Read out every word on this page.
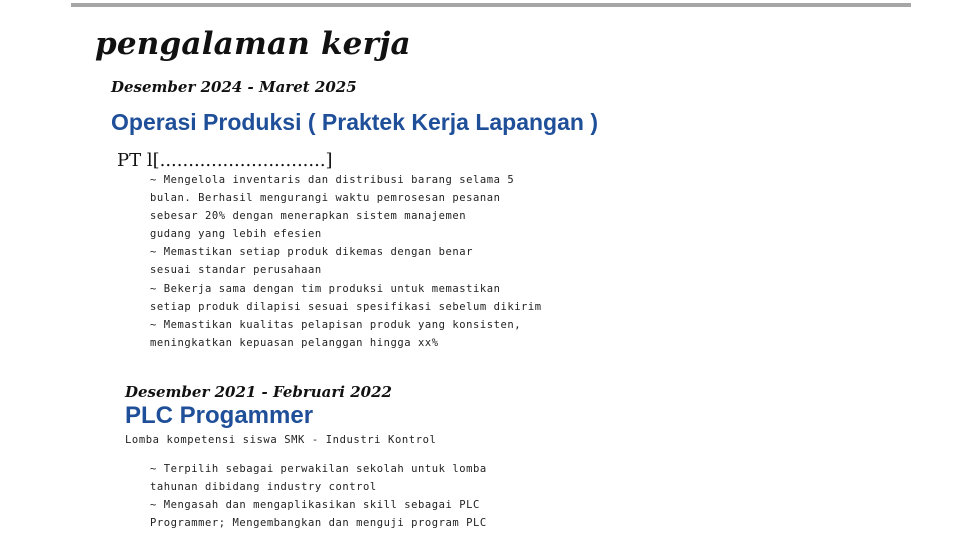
pengalaman kerja
Desember 2024 - Maret 2025
Operasi Produksi ( Praktek Kerja Lapangan )
PT l[.............................]
~ Mengelola inventaris dan distribusi barang selama 5
bulan. Berhasil mengurangi waktu pemrosesan pesanan
sebesar 20% dengan menerapkan sistem manajemen
gudang yang lebih efesien
~ Memastikan setiap produk dikemas dengan benar
sesuai standar perusahaan
~ Bekerja sama dengan tim produksi untuk memastikan
setiap produk dilapisi sesuai spesifikasi sebelum dikirim
~ Memastikan kualitas pelapisan produk yang konsisten,
meningkatkan kepuasan pelanggan hingga xx%
Desember 2021 - Februari 2022
PLC Progammer
Lomba kompetensi siswa SMK - Industri Kontrol
~ Terpilih sebagai perwakilan sekolah untuk lomba
tahunan dibidang industry control
~ Mengasah dan mengaplikasikan skill sebagai PLC
Programmer; Mengembangkan dan menguji program PLC
